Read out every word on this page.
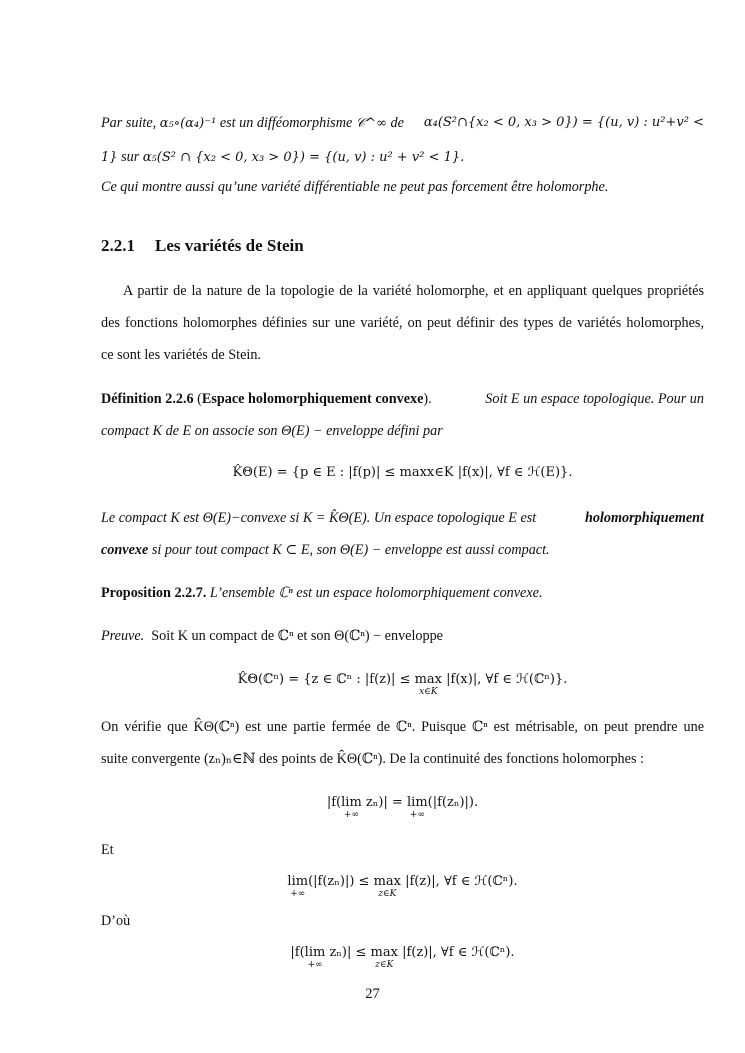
Par suite, α₅∘(α₄)⁻¹ est un difféomorphisme 𝒞^∞ de α₄(S²∩{x₂ < 0, x₃ > 0}) = {(u, v) : u²+v² <
1} sur α₅(S² ∩ {x₂ < 0, x₃ > 0}) = {(u, v) : u² + v² < 1}.
Ce qui montre aussi qu’une variété différentiable ne peut pas forcement être holomorphe.
2.2.1 Les variétés de Stein
A partir de la nature de la topologie de la variété holomorphe, et en appliquant quelques propriétés
des fonctions holomorphes définies sur une variété, on peut définir des types de variétés holomorphes,
ce sont les variétés de Stein.
Définition 2.2.6 (Espace holomorphiquement convexe).	Soit E un espace topologique. Pour un
compact K de E on associe son Θ(E) − enveloppe défini par
K̂Θ(E) = {p ∈ E : |f(p)| ≤ maxx∈K |f(x)|, ∀f ∈ ℋ(E)}.
Le compact K est Θ(E)−convexe si K = K̂Θ(E). Un espace topologique E est	holomorphiquement
convexe si pour tout compact K ⊂ E, son Θ(E) − enveloppe est aussi compact.
Proposition 2.2.7. L’ensemble ℂⁿ est un espace holomorphiquement convexe.
Preuve. Soit K un compact de ℂⁿ et son Θ(ℂⁿ) − enveloppe
K̂Θ(ℂⁿ) = {z ∈ ℂⁿ : |f(z)| ≤ max
x∈K
|f(x)|, ∀f ∈ ℋ(ℂⁿ)}.
On vérifie que K̂Θ(ℂⁿ) est une partie fermée de ℂⁿ. Puisque ℂⁿ est métrisable, on peut prendre une
suite convergente (zₙ)ₙ∈ℕ des points de K̂Θ(ℂⁿ). De la continuité des fonctions holomorphes :
|f(lim
+∞
zₙ)| = lim
+∞
(|f(zₙ)|).
Et
lim
+∞
(|f(zₙ)|) ≤ max
z∈K
|f(z)|, ∀f ∈ ℋ(ℂⁿ).
D’où
|f(lim
+∞
zₙ)| ≤ max
z∈K
|f(z)|, ∀f ∈ ℋ(ℂⁿ).
27
